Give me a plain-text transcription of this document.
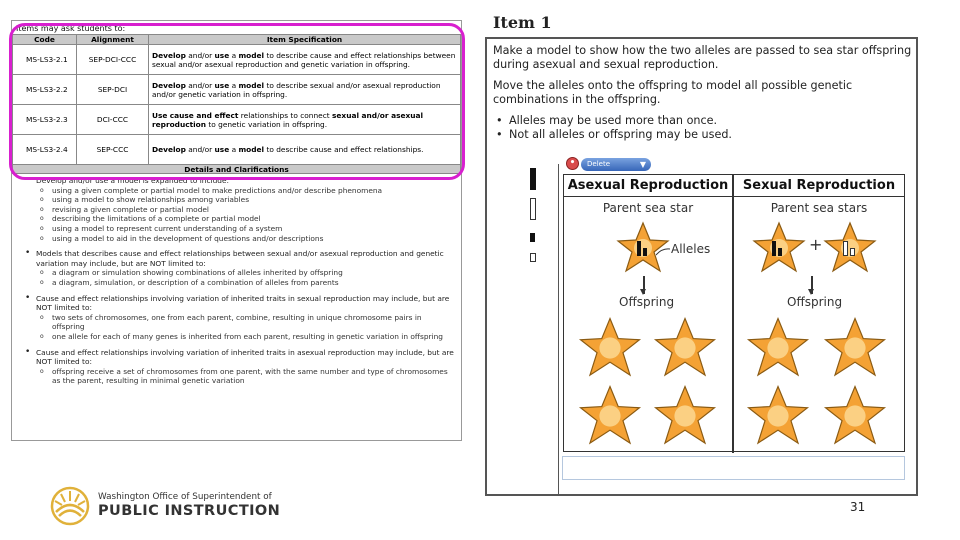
Items may ask students to:
Code	Alignment	Item Specification
MS-LS3-2.1	SEP-DCI-CCC	Develop and/or use a model to describe cause and effect relationships between sexual and/or asexual reproduction and genetic variation in offspring.
MS-LS3-2.2	SEP-DCI	Develop and/or use a model to describe sexual and/or asexual reproduction and/or genetic variation in offspring.
MS-LS3-2.3	DCI-CCC	Use cause and effect relationships to connect sexual and/or asexual reproduction to genetic variation in offspring.
MS-LS3-2.4	SEP-CCC	Develop and/or use a model to describe cause and effect relationships.
Details and Clarifications
• Develop and/or use a model is expanded to include:
o using a given complete or partial model to make predictions and/or describe phenomena
o using a model to show relationships among variables
o revising a given complete or partial model
o describing the limitations of a complete or partial model
o using a model to represent current understanding of a system
o using a model to aid in the development of questions and/or descriptions
• Models that describes cause and effect relationships between sexual and/or asexual reproduction and genetic variation may include, but are NOT limited to:
o a diagram or simulation showing combinations of alleles inherited by offspring
o a diagram, simulation, or description of a combination of alleles from parents
• Cause and effect relationships involving variation of inherited traits in sexual reproduction may include, but are NOT limited to:
o two sets of chromosomes, one from each parent, combine, resulting in unique chromosome pairs in offspring
o one allele for each of many genes is inherited from each parent, resulting in genetic variation in offspring
• Cause and effect relationships involving variation of inherited traits in asexual reproduction may include, but are NOT limited to:
o offspring receive a set of chromosomes from one parent, with the same number and type of chromosomes as the parent, resulting in minimal genetic variation
Washington Office of Superintendent of
PUBLIC INSTRUCTION
Item 1

Make a model to show how the two alleles are passed to sea star offspring during asexual and sexual reproduction.

Move the alleles onto the offspring to model all possible genetic combinations in the offspring.

• Alleles may be used more than once.
• Not all alleles or offspring may be used.
•	Delete	▼
Asexual Reproduction	Sexual Reproduction
Parent sea star	Parent sea stars
Alleles
Offspring
+
Offspring
31
